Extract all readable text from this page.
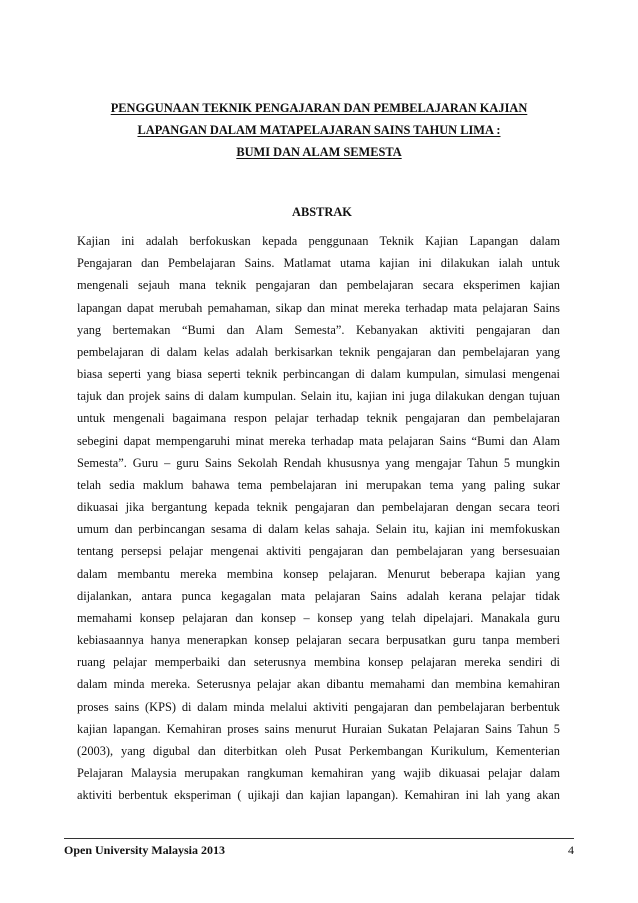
PENGGUNAAN TEKNIK PENGAJARAN DAN PEMBELAJARAN KAJIAN
LAPANGAN DALAM MATAPELAJARAN SAINS TAHUN LIMA :
BUMI DAN ALAM SEMESTA
ABSTRAK
Kajian ini adalah berfokuskan kepada penggunaan Teknik Kajian Lapangan dalam
Pengajaran dan Pembelajaran Sains. Matlamat utama kajian ini dilakukan ialah untuk
mengenali sejauh mana teknik pengajaran dan pembelajaran secara eksperimen kajian
lapangan dapat merubah pemahaman, sikap dan minat mereka terhadap mata pelajaran Sains
yang bertemakan “Bumi dan Alam Semesta”. Kebanyakan aktiviti pengajaran dan
pembelajaran di dalam kelas adalah berkisarkan teknik pengajaran dan pembelajaran yang
biasa seperti yang biasa seperti teknik perbincangan di dalam kumpulan, simulasi mengenai
tajuk dan projek sains di dalam kumpulan. Selain itu, kajian ini juga dilakukan dengan tujuan
untuk mengenali bagaimana respon pelajar terhadap teknik pengajaran dan pembelajaran
sebegini dapat mempengaruhi minat mereka terhadap mata pelajaran Sains “Bumi dan Alam
Semesta”. Guru – guru Sains Sekolah Rendah khususnya yang mengajar Tahun 5 mungkin
telah sedia maklum bahawa tema pembelajaran ini merupakan tema yang paling sukar
dikuasai jika bergantung kepada teknik pengajaran dan pembelajaran dengan secara teori
umum dan perbincangan sesama di dalam kelas sahaja. Selain itu, kajian ini memfokuskan
tentang persepsi pelajar mengenai aktiviti pengajaran dan pembelajaran yang bersesuaian
dalam membantu mereka membina konsep pelajaran. Menurut beberapa kajian yang
dijalankan, antara punca kegagalan mata pelajaran Sains adalah kerana pelajar tidak
memahami konsep pelajaran dan konsep – konsep yang telah dipelajari. Manakala guru
kebiasaannya hanya menerapkan konsep pelajaran secara berpusatkan guru tanpa memberi
ruang pelajar memperbaiki dan seterusnya membina konsep pelajaran mereka sendiri di
dalam minda mereka. Seterusnya pelajar akan dibantu memahami dan membina kemahiran
proses sains (KPS) di dalam minda melalui aktiviti pengajaran dan pembelajaran berbentuk
kajian lapangan. Kemahiran proses sains menurut Huraian Sukatan Pelajaran Sains Tahun 5
(2003), yang digubal dan diterbitkan oleh Pusat Perkembangan Kurikulum, Kementerian
Pelajaran Malaysia merupakan rangkuman kemahiran yang wajib dikuasai pelajar dalam
aktiviti berbentuk eksperiman ( ujikaji dan kajian lapangan). Kemahiran ini lah yang akan
Open University Malaysia 2013	4
